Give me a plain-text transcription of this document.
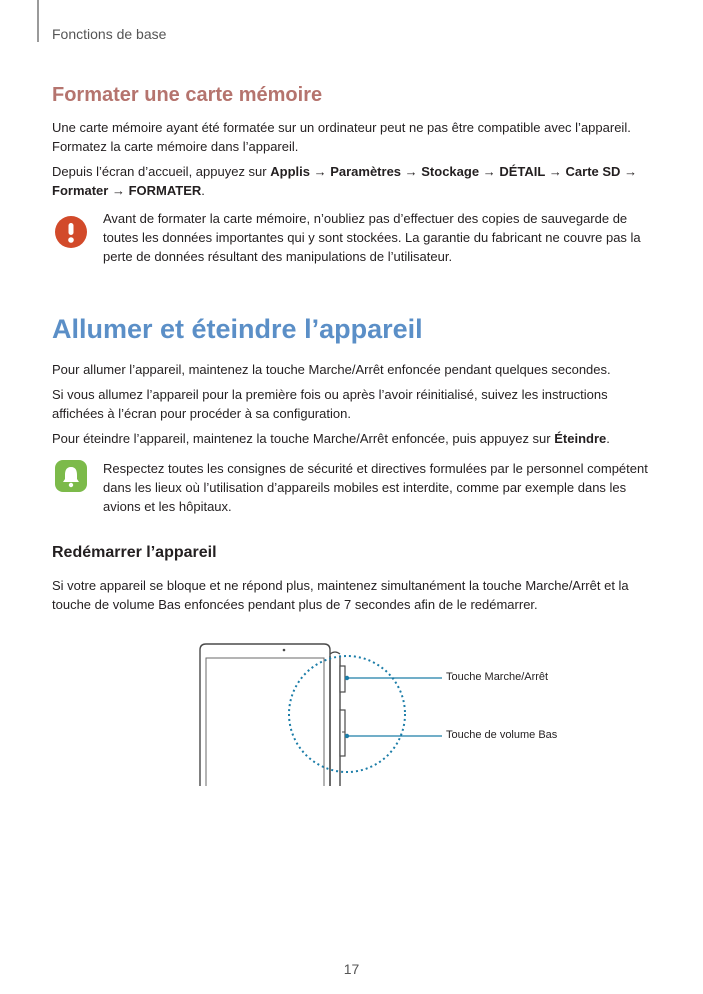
Fonctions de base
Formater une carte mémoire

Une carte mémoire ayant été formatée sur un ordinateur peut ne pas être compatible avec l’appareil. Formatez la carte mémoire dans l’appareil.

Depuis l’écran d’accueil, appuyez sur Applis → Paramètres → Stockage → DÉTAIL → Carte SD → Formater → FORMATER.

Avant de formater la carte mémoire, n’oubliez pas d’effectuer des copies de sauvegarde de toutes les données importantes qui y sont stockées. La garantie du fabricant ne couvre pas la perte de données résultant des manipulations de l’utilisateur.

Allumer et éteindre l’appareil

Pour allumer l’appareil, maintenez la touche Marche/Arrêt enfoncée pendant quelques secondes.

Si vous allumez l’appareil pour la première fois ou après l’avoir réinitialisé, suivez les instructions affichées à l’écran pour procéder à sa configuration.

Pour éteindre l’appareil, maintenez la touche Marche/Arrêt enfoncée, puis appuyez sur Éteindre.

Respectez toutes les consignes de sécurité et directives formulées par le personnel compétent dans les lieux où l’utilisation d’appareils mobiles est interdite, comme par exemple dans les avions et les hôpitaux.

Redémarrer l’appareil

Si votre appareil se bloque et ne répond plus, maintenez simultanément la touche Marche/Arrêt et la touche de volume Bas enfoncées pendant plus de 7 secondes afin de le redémarrer.

Touche Marche/Arrêt
Touche de volume Bas
17
